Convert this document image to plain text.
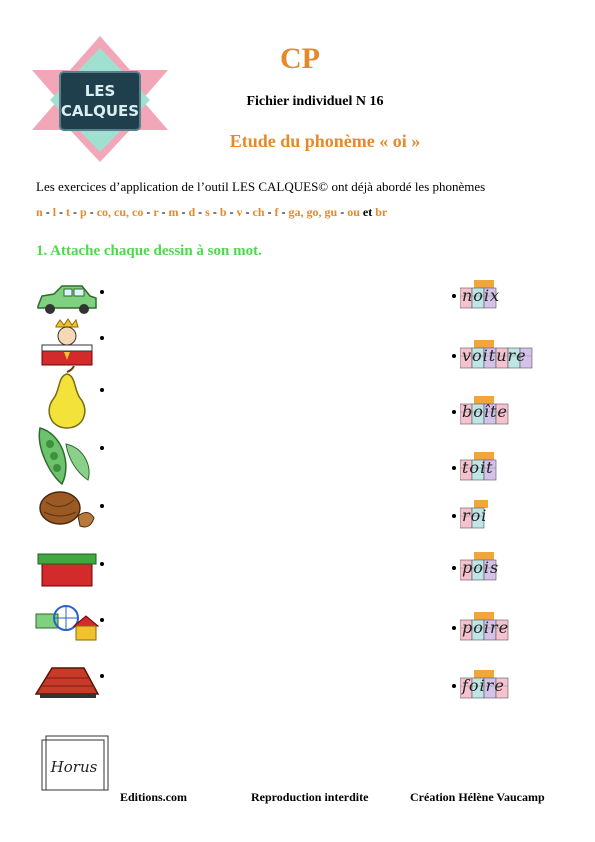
LES
CALQUES
CP
Fichier individuel N 16
Etude du phonème « oi »
Les exercices d’application de l’outil LES CALQUES© ont déjà abordé les phonèmes
n - l - t - p - co, cu, co - r - m - d - s - b - v - ch - f - ga, go, gu - ou et br
1. Attache chaque dessin à son mot.
noix
voiture
boîte
toit
roi
pois
poire
foire
Horus
Editions.com	Reproduction interdite	Création Hélène Vaucamp
